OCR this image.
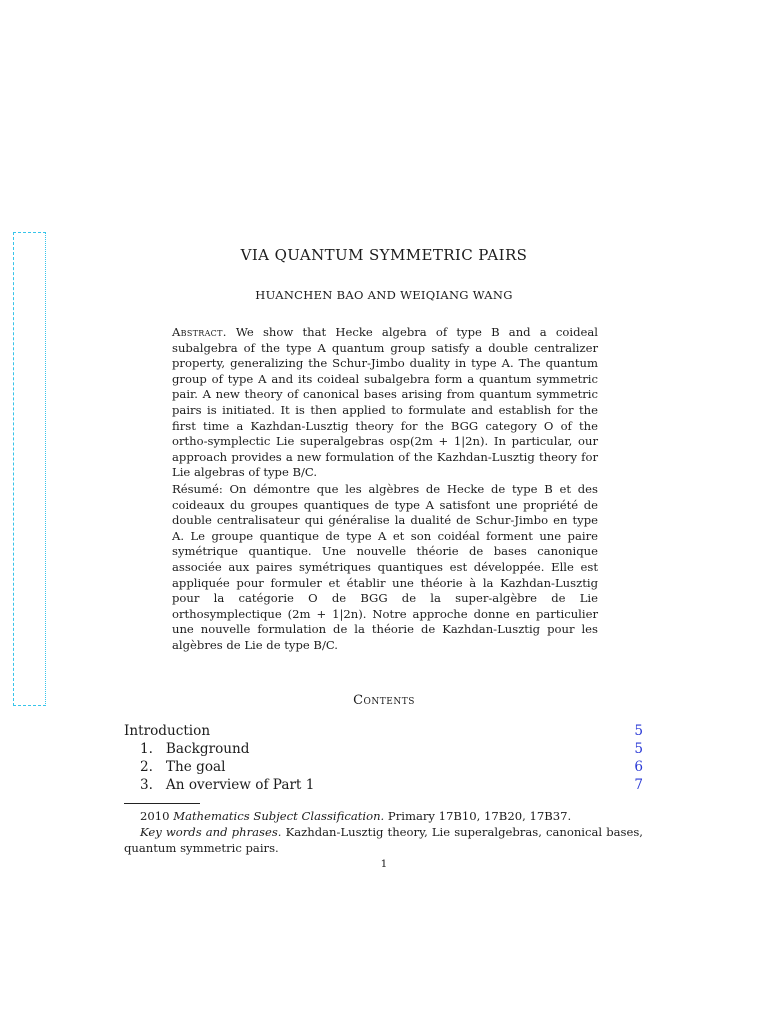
VIA QUANTUM SYMMETRIC PAIRS
HUANCHEN BAO AND WEIQIANG WANG
Abstract. We show that Hecke algebra of type B and a coideal subalgebra of the type A quantum group satisfy a double centralizer property, generalizing the Schur-Jimbo duality in type A. The quantum group of type A and its coideal subalgebra form a quantum symmetric pair. A new theory of canonical bases arising from quantum symmetric pairs is initiated. It is then applied to formulate and establish for the first time a Kazhdan-Lusztig theory for the BGG category O of the ortho-symplectic Lie superalgebras osp(2m + 1|2n). In particular, our approach provides a new formulation of the Kazhdan-Lusztig theory for Lie algebras of type B/C.
Résumé: On démontre que les algèbres de Hecke de type B et des coideaux du groupes quantiques de type A satisfont une propriété de double centralisateur qui généralise la dualité de Schur-Jimbo en type A. Le groupe quantique de type A et son coidéal forment une paire symétrique quantique. Une nouvelle théorie de bases canonique associée aux paires symétriques quantiques est développée. Elle est appliquée pour formuler et établir une théorie à la Kazhdan-Lusztig pour la catégorie O de BGG de la super-algèbre de Lie orthosymplectique (2m + 1|2n). Notre approche donne en particulier une nouvelle formulation de la théorie de Kazhdan-Lusztig pour les algèbres de Lie de type B/C.
Contents
Introduction	5
1.   Background	5
2.   The goal	6
3.   An overview of Part 1	7
2010 Mathematics Subject Classification. Primary 17B10, 17B20, 17B37.
Key words and phrases. Kazhdan-Lusztig theory, Lie superalgebras, canonical bases, quantum symmetric pairs.
1
